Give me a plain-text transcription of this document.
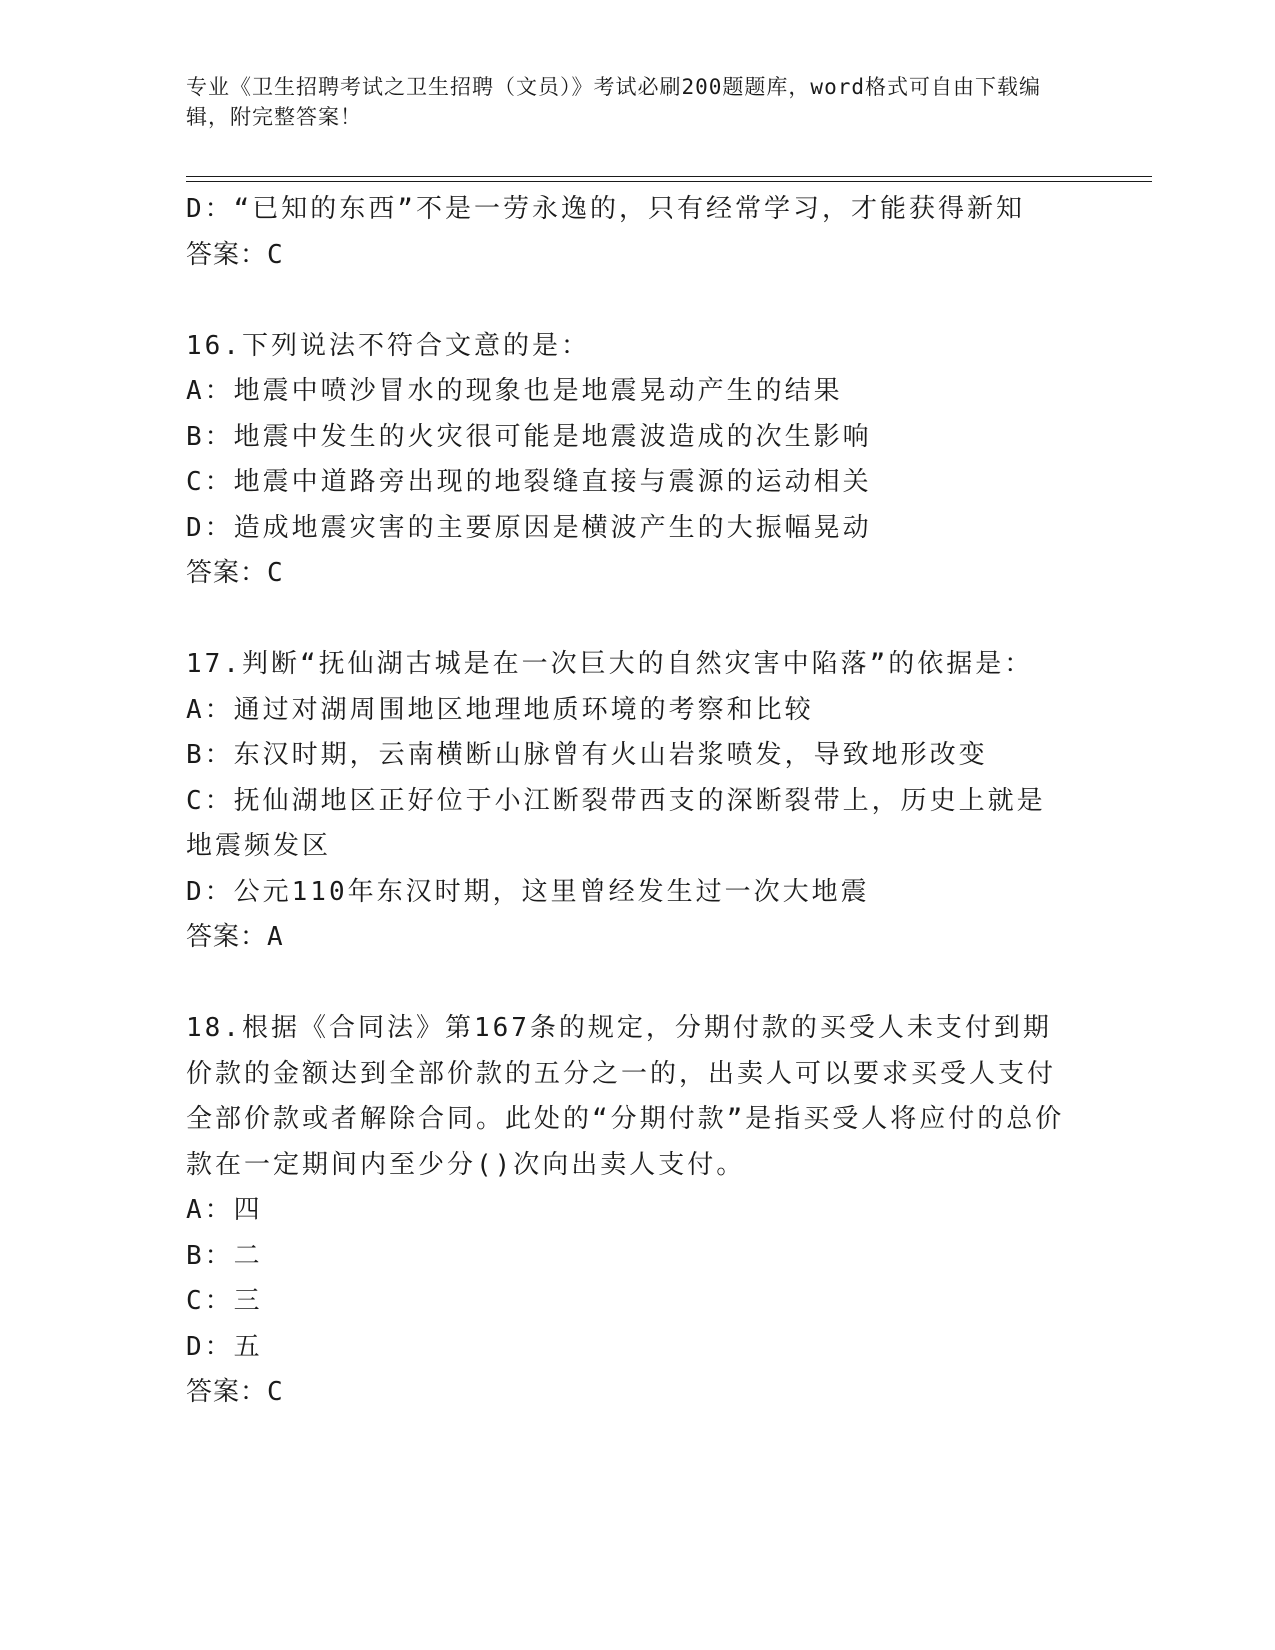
专业《卫生招聘考试之卫生招聘（文员）》考试必刷200题题库，word格式可自由下载编辑，附完整答案！
D：“已知的东西”不是一劳永逸的，只有经常学习，才能获得新知
答案：C
16.下列说法不符合文意的是：
A：地震中喷沙冒水的现象也是地震晃动产生的结果
B：地震中发生的火灾很可能是地震波造成的次生影响
C：地震中道路旁出现的地裂缝直接与震源的运动相关
D：造成地震灾害的主要原因是横波产生的大振幅晃动
答案：C
17.判断“抚仙湖古城是在一次巨大的自然灾害中陷落”的依据是：
A：通过对湖周围地区地理地质环境的考察和比较
B：东汉时期，云南横断山脉曾有火山岩浆喷发，导致地形改变
C：抚仙湖地区正好位于小江断裂带西支的深断裂带上，历史上就是地震频发区
D：公元110年东汉时期，这里曾经发生过一次大地震
答案：A
18.根据《合同法》第167条的规定，分期付款的买受人未支付到期价款的金额达到全部价款的五分之一的，出卖人可以要求买受人支付全部价款或者解除合同。此处的“分期付款”是指买受人将应付的总价款在一定期间内至少分()次向出卖人支付。
A：四
B：二
C：三
D：五
答案：C
